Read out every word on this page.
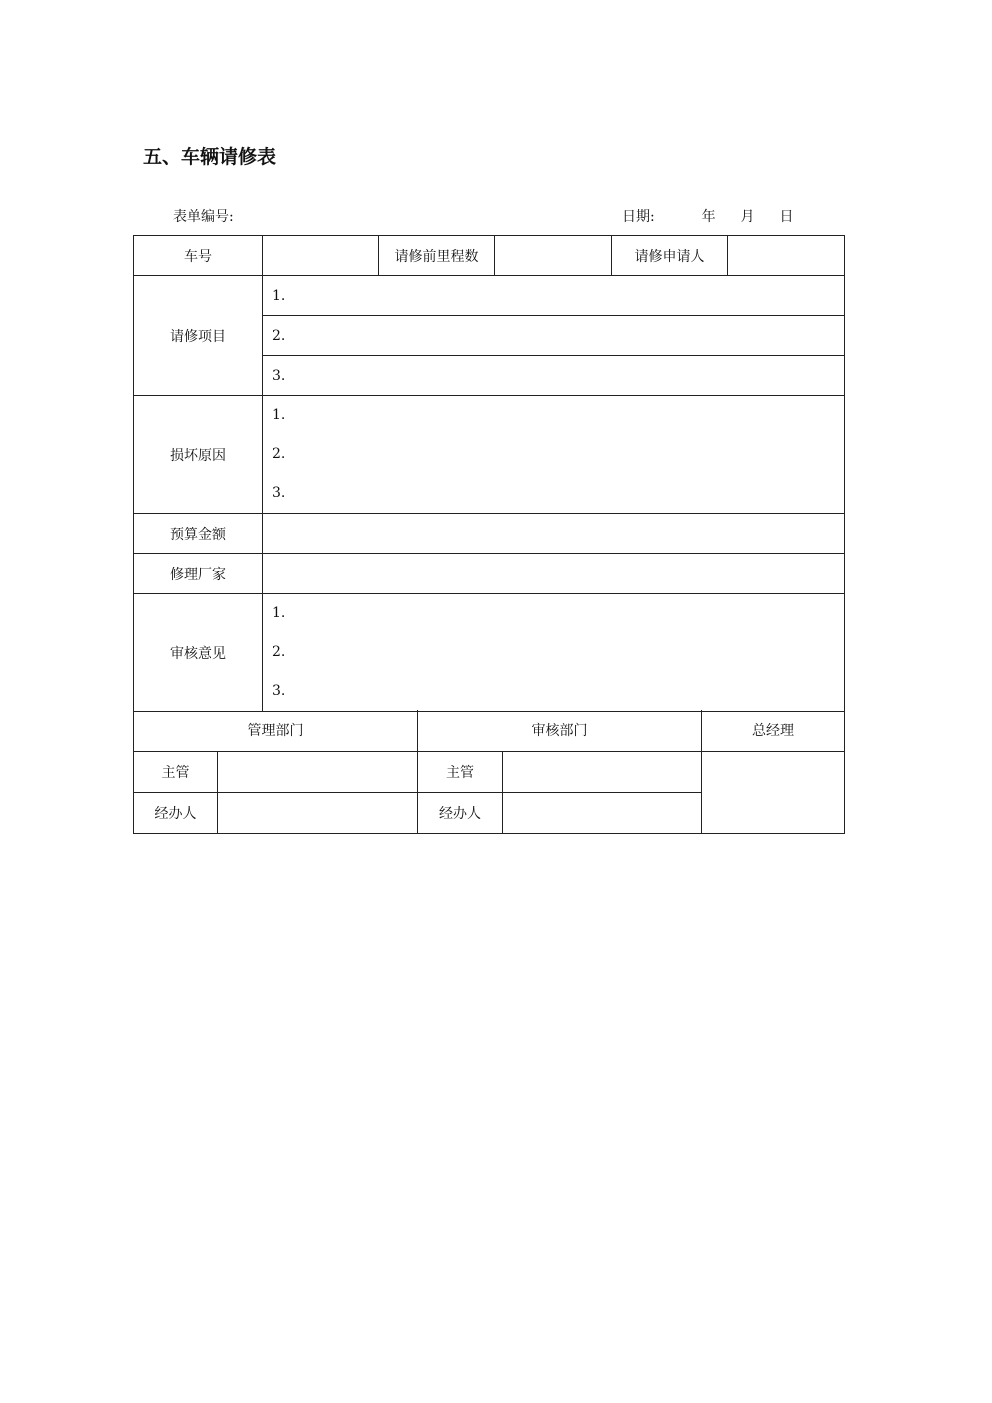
五、车辆请修表
表单编号:	日期:	年 月 日
车号		请修前里程数		请修申请人	
请修项目	1.				
	2.				
	3.				
损坏原因	1.
2.
3.				

预算金额					
修理厂家					
审核意见	1.
2.
3.				
管理部门		审核部门		总经理
主管		主管		
经办人		经办人		
